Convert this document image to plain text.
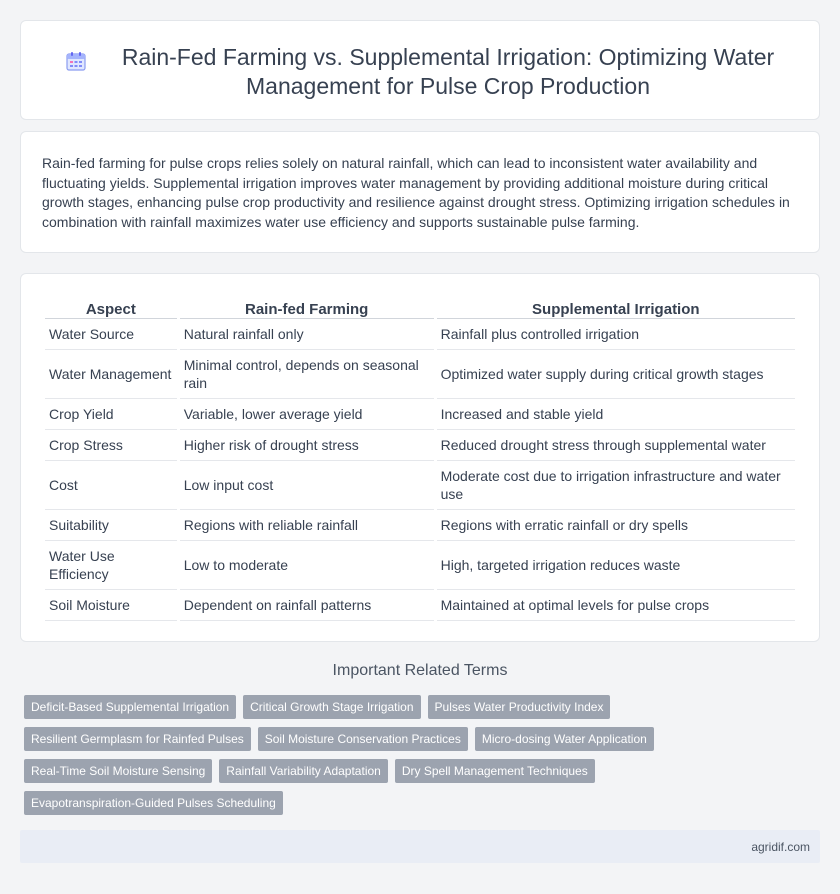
Rain-Fed Farming vs. Supplemental Irrigation: Optimizing Water Management for Pulse Crop Production

Rain-fed farming for pulse crops relies solely on natural rainfall, which can lead to inconsistent water availability and fluctuating yields. Supplemental irrigation improves water management by providing additional moisture during critical growth stages, enhancing pulse crop productivity and resilience against drought stress. Optimizing irrigation schedules in combination with rainfall maximizes water use efficiency and supports sustainable pulse farming.

Aspect	Rain-fed Farming	Supplemental Irrigation
Water Source	Natural rainfall only	Rainfall plus controlled irrigation
Water Management	Minimal control, depends on seasonal rain	Optimized water supply during critical growth stages
Crop Yield	Variable, lower average yield	Increased and stable yield
Crop Stress	Higher risk of drought stress	Reduced drought stress through supplemental water
Cost	Low input cost	Moderate cost due to irrigation infrastructure and water use
Suitability	Regions with reliable rainfall	Regions with erratic rainfall or dry spells
Water Use Efficiency	Low to moderate	High, targeted irrigation reduces waste
Soil Moisture	Dependent on rainfall patterns	Maintained at optimal levels for pulse crops
Important Related Terms
Deficit-Based Supplemental Irrigation	Critical Growth Stage Irrigation	Pulses Water Productivity Index
Resilient Germplasm for Rainfed Pulses	Soil Moisture Conservation Practices	Micro-dosing Water Application
Real-Time Soil Moisture Sensing	Rainfall Variability Adaptation	Dry Spell Management Techniques
Evapotranspiration-Guided Pulses Scheduling
agridif.com
